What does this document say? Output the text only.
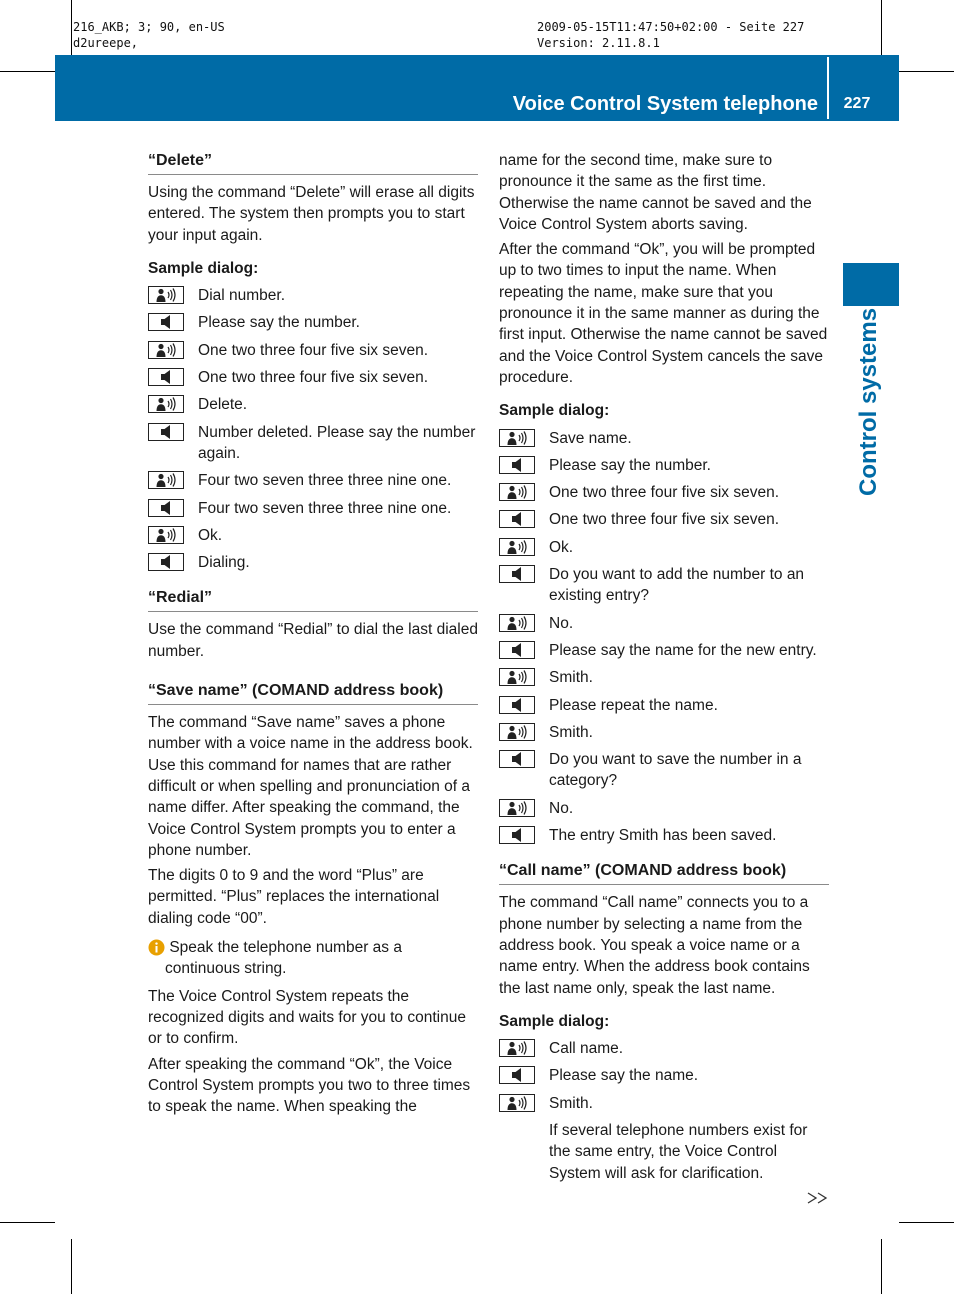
216_AKB; 3; 90, en-US
d2ureepe,
2009-05-15T11:47:50+02:00 - Seite 227
Version: 2.11.8.1
Voice Control System telephone	227
Control systems
“Delete”

Using the command “Delete” will erase all digits entered. The system then prompts you to start your input again.

Sample dialog:
Dial number.
Please say the number.
One two three four five six seven.
One two three four five six seven.
Delete.
Number deleted. Please say the number again.
Four two seven three three nine one.
Four two seven three three nine one.
Ok.
Dialing.
“Redial”

Use the command “Redial” to dial the last dialed number.

“Save name” (COMAND address book)

The command “Save name” saves a phone number with a voice name in the address book. Use this command for names that are rather difficult or when spelling and pronunciation of a name differ. After speaking the command, the Voice Control System prompts you to enter a phone number.

The digits 0 to 9 and the word “Plus” are permitted. “Plus” replaces the international dialing code “00”.

Speak the telephone number as a continuous string.

The Voice Control System repeats the recognized digits and waits for you to continue or to confirm.

After speaking the command “Ok”, the Voice Control System prompts you two to three times to speak the name. When speaking the

name for the second time, make sure to pronounce it the same as the first time. Otherwise the name cannot be saved and the Voice Control System aborts saving.

After the command “Ok”, you will be prompted up to two times to input the name. When repeating the name, make sure that you pronounce it in the same manner as during the first input. Otherwise the name cannot be saved and the Voice Control System cancels the save procedure.

Sample dialog:
Save name.
Please say the number.
One two three four five six seven.
One two three four five six seven.
Ok.
Do you want to add the number to an existing entry?
No.
Please say the name for the new entry.
Smith.
Please repeat the name.
Smith.
Do you want to save the number in a category?
No.
The entry Smith has been saved.
“Call name” (COMAND address book)

The command “Call name” connects you to a phone number by selecting a name from the address book. You speak a voice name or a name entry. When the address book contains the last name only, speak the last name.

Sample dialog:
Call name.
Please say the name.
Smith.
If several telephone numbers exist for the same entry, the Voice Control System will ask for clarification.
